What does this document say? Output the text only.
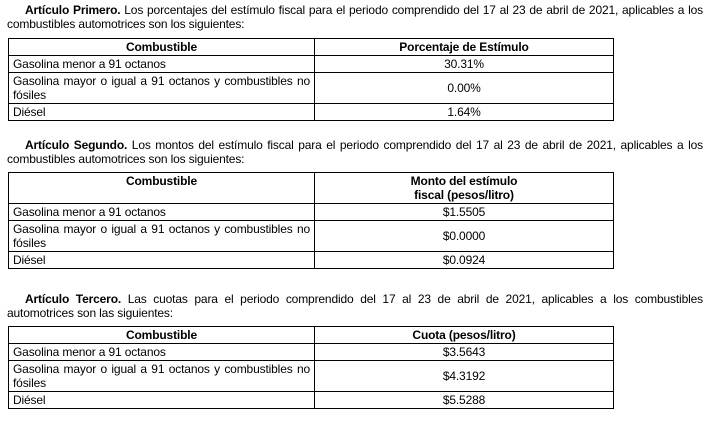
Artículo Primero. Los porcentajes del estímulo fiscal para el periodo comprendido del 17 al 23 de abril de 2021, aplicables a los combustibles automotrices son los siguientes:
Combustible	Porcentaje de Estímulo
Gasolina menor a 91 octanos	30.31%
Gasolina mayor o igual a 91 octanos y combustibles no fósiles	0.00%
Diésel	1.64%
Artículo Segundo. Los montos del estímulo fiscal para el periodo comprendido del 17 al 23 de abril de 2021, aplicables a los combustibles automotrices son los siguientes:
Combustible	Monto del estímulo fiscal (pesos/litro)
Gasolina menor a 91 octanos	$1.5505
Gasolina mayor o igual a 91 octanos y combustibles no fósiles	$0.0000
Diésel	$0.0924
Artículo Tercero. Las cuotas para el periodo comprendido del 17 al 23 de abril de 2021, aplicables a los combustibles automotrices son las siguientes:
Combustible	Cuota (pesos/litro)
Gasolina menor a 91 octanos	$3.5643
Gasolina mayor o igual a 91 octanos y combustibles no fósiles	$4.3192
Diésel	$5.5288
